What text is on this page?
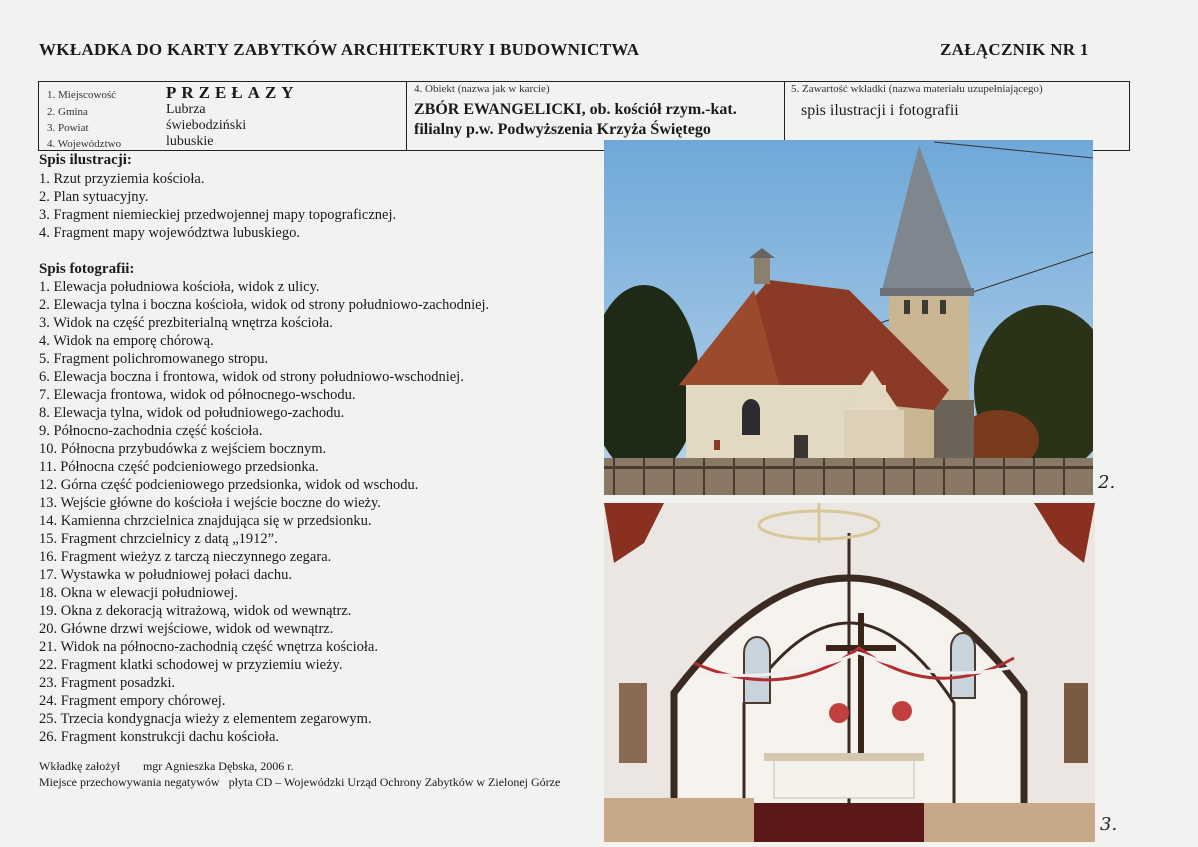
WKŁADKA DO KARTY ZABYTKÓW ARCHITEKTURY I BUDOWNICTWA	ZAŁĄCZNIK NR 1
1. Miejscowość	PRZEŁAZY
2. Gmina	Lubrza
3. Powiat	świebodziński
4. Województwo	lubuskie
4. Obiekt (nazwa jak w karcie)
ZBÓR EWANGELICKI, ob. kościół rzym.-kat.
filialny p.w. Podwyższenia Krzyża Świętego
5. Zawartość wkładki (nazwa materiału uzupełniającego)
spis ilustracji i fotografii
Spis ilustracji:
1. Rzut przyziemia kościoła.
2. Plan sytuacyjny.
3. Fragment niemieckiej przedwojennej mapy topograficznej.
4. Fragment mapy województwa lubuskiego.
Spis fotografii:
1. Elewacja południowa kościoła, widok z ulicy.
2. Elewacja tylna i boczna kościoła, widok od strony południowo-zachodniej.
3. Widok na część prezbiterialną wnętrza kościoła.
4. Widok na emporę chórową.
5. Fragment polichromowanego stropu.
6. Elewacja boczna i frontowa, widok od strony południowo-wschodniej.
7. Elewacja frontowa, widok od północnego-wschodu.
8. Elewacja tylna, widok od południowego-zachodu.
9. Północno-zachodnia część kościoła.
10. Północna przybudówka z wejściem bocznym.
11. Północna część podcieniowego przedsionka.
12. Górna część podcieniowego przedsionka, widok od wschodu.
13. Wejście główne do kościoła i wejście boczne do wieży.
14. Kamienna chrzcielnica znajdująca się w przedsionku.
15. Fragment chrzcielnicy z datą „1912”.
16. Fragment wieżyz z tarczą nieczynnego zegara.
17. Wystawka w południowej połaci dachu.
18. Okna w elewacji południowej.
19. Okna z dekoracją witrażową, widok od wewnątrz.
20. Główne drzwi wejściowe, widok od wewnątrz.
21. Widok na północno-zachodnią część wnętrza kościoła.
22. Fragment klatki schodowej w przyziemiu wieży.
23. Fragment posadzki.
24. Fragment empory chórowej.
25. Trzecia kondygnacja wieży z elementem zegarowym.
26. Fragment konstrukcji dachu kościoła.
Wkładkę założył mgr Agnieszka Dębska, 2006 r.
Miejsce przechowywania negatywów płyta CD – Wojewódzki Urząd Ochrony Zabytków w Zielonej Górze
2.
3.
